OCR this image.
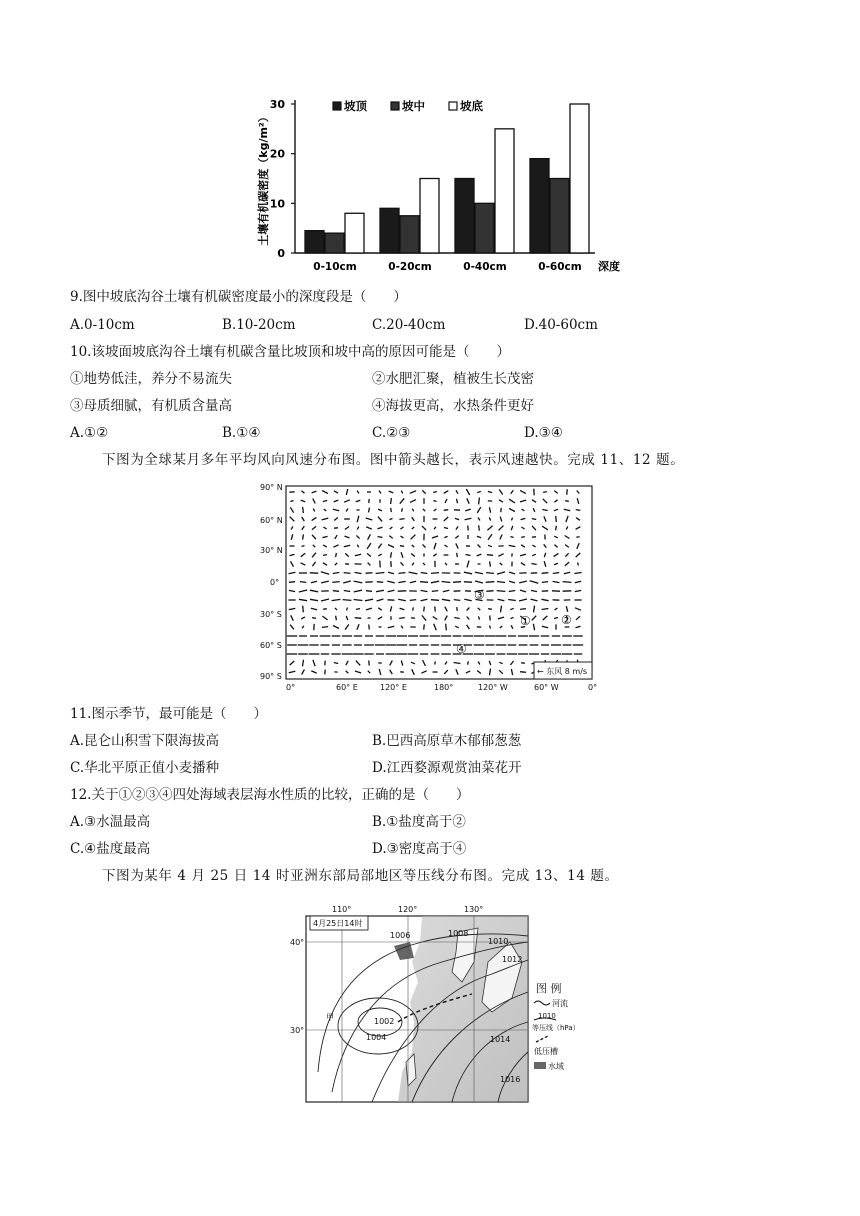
0
10
20
30
土壤有机碳密度（kg/m²）
0-10cm	0-20cm	0-40cm	0-60cm 深度
坡顶	坡中	坡底
9.图中坡底沟谷土壤有机碳密度最小的深度段是（　　）
A.0-10cm	B.10-20cm	C.20-40cm	D.40-60cm
10.该坡面坡底沟谷土壤有机碳含量比坡顶和坡中高的原因可能是（　　）
①地势低洼，养分不易流失	②水肥汇聚，植被生长茂密
③母质细腻，有机质含量高	④海拔更高，水热条件更好
A.①②	B.①④	C.②③	D.③④
下图为全球某月多年平均风向风速分布图。图中箭头越长，表示风速越快。完成 11、12 题。
90° N
60° N
30° N
0°
30° S
60° S
90° S
0°	60° E	120° E	180°	120° W	60° W	0°
③
①	②
④
← 东风 8 m/s
11.图示季节，最可能是（　　）
A.昆仑山积雪下限海拔高	B.巴西高原草木郁郁葱葱
C.华北平原正值小麦播种	D.江西婺源观赏油菜花开
12.关于①②③④四处海域表层海水性质的比较，正确的是（　　）
A.③水温最高	B.①盐度高于②
C.④盐度最高	D.③密度高于④
下图为某年 4 月 25 日 14 时亚洲东部局部地区等压线分布图。完成 13、14 题。
4月25日14时
110°	120°	130°
40°
30°
1006	1008
1010
1012
1002
1004	1014
1016
甲
图 例
河流
1010
等压线（hPa）
低压槽
水域
